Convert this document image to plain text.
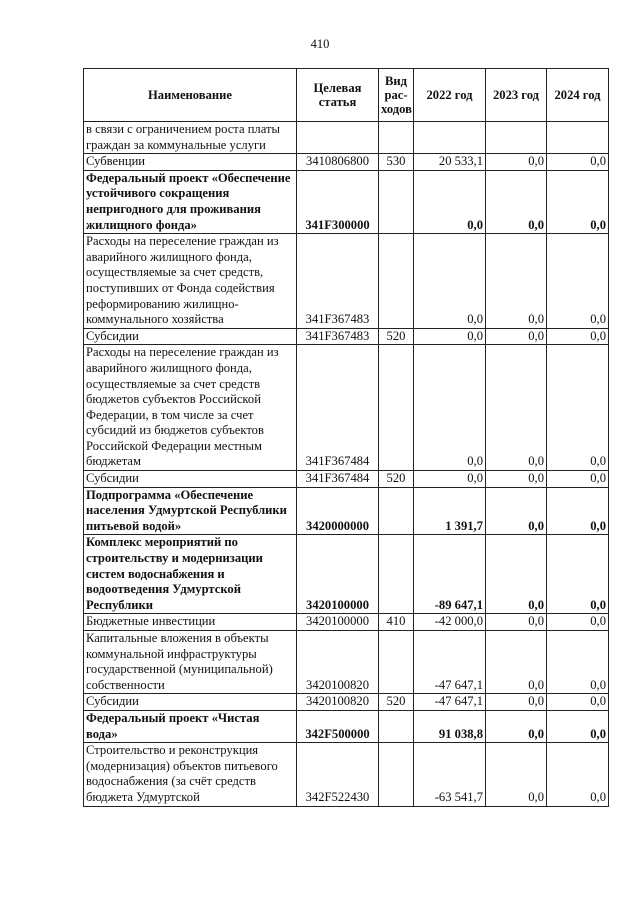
410
Наименование	Целевая статья	Вид рас-ходов	2022 год	2023 год	2024 год
в связи с ограничением роста платы граждан за коммунальные услуги					
Субвенции	3410806800	530	20 533,1	0,0	0,0
Федеральный проект «Обеспечение устойчивого сокращения непригодного для проживания жилищного фонда»	341F300000		0,0	0,0	0,0
Расходы на переселение граждан из аварийного жилищного фонда, осуществляемые за счет средств, поступивших от Фонда содействия реформированию жилищно-коммунального хозяйства	341F367483		0,0	0,0	0,0
Субсидии	341F367483	520	0,0	0,0	0,0
Расходы на переселение граждан из аварийного жилищного фонда, осуществляемые за счет средств бюджетов субъектов Российской Федерации, в том числе за счет субсидий из бюджетов субъектов Российской Федерации местным бюджетам	341F367484		0,0	0,0	0,0
Субсидии	341F367484	520	0,0	0,0	0,0
Подпрограмма «Обеспечение населения Удмуртской Республики питьевой водой»	3420000000		1 391,7	0,0	0,0
Комплекс мероприятий по строительству и модернизации систем водоснабжения и водоотведения Удмуртской Республики	3420100000		-89 647,1	0,0	0,0
Бюджетные инвестиции	3420100000	410	-42 000,0	0,0	0,0
Капитальные вложения в объекты коммунальной инфраструктуры государственной (муниципальной) собственности	3420100820		-47 647,1	0,0	0,0
Субсидии	3420100820	520	-47 647,1	0,0	0,0
Федеральный проект «Чистая вода»	342F500000		91 038,8	0,0	0,0
Строительство и реконструкция (модернизация) объектов питьевого водоснабжения (за счёт средств бюджета Удмуртской	342F522430		-63 541,7	0,0	0,0
